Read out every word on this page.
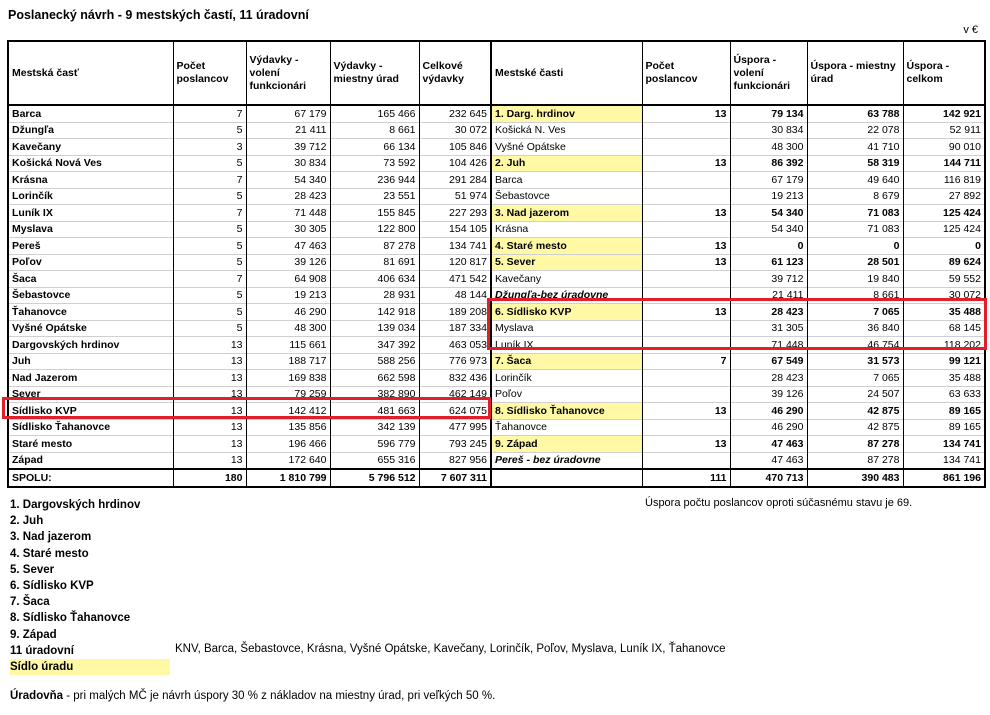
Poslanecký návrh - 9 mestských častí, 11 úradovní
v €
Mestská časť	Počet poslancov	Výdavky - volení funkcionári	Výdavky - miestny úrad	Celkové výdavky
Barca	7	67 179	165 466	232 645
Džungľa	5	21 411	8 661	30 072
Kavečany	3	39 712	66 134	105 846
Košická Nová Ves	5	30 834	73 592	104 426
Krásna	7	54 340	236 944	291 284
Lorinčík	5	28 423	23 551	51 974
Luník IX	7	71 448	155 845	227 293
Myslava	5	30 305	122 800	154 105
Pereš	5	47 463	87 278	134 741
Poľov	5	39 126	81 691	120 817
Šaca	7	64 908	406 634	471 542
Šebastovce	5	19 213	28 931	48 144
Ťahanovce	5	46 290	142 918	189 208
Vyšné Opátske	5	48 300	139 034	187 334
Dargovských hrdinov	13	115 661	347 392	463 053
Juh	13	188 717	588 256	776 973
Nad Jazerom	13	169 838	662 598	832 436
Sever	13	79 259	382 890	462 149
Sídlisko KVP	13	142 412	481 663	624 075
Sídlisko Ťahanovce	13	135 856	342 139	477 995
Staré mesto	13	196 466	596 779	793 245
Západ	13	172 640	655 316	827 956
SPOLU:	180	1 810 799	5 796 512	7 607 311
Mestské časti	Počet poslancov	Úspora - volení funkcionári	Úspora - miestny úrad	Úspora - celkom
1. Darg. hrdinov	13	79 134	63 788	142 921
Košická N. Ves		30 834	22 078	52 911
Vyšné Opátske		48 300	41 710	90 010
2. Juh	13	86 392	58 319	144 711
Barca		67 179	49 640	116 819
Šebastovce		19 213	8 679	27 892
3. Nad jazerom	13	54 340	71 083	125 424
Krásna		54 340	71 083	125 424
4. Staré mesto	13	0	0	0
5. Sever	13	61 123	28 501	89 624
Kavečany		39 712	19 840	59 552
Džungľa-bez úradovne		21 411	8 661	30 072
6. Sídlisko KVP	13	28 423	7 065	35 488
Myslava		31 305	36 840	68 145
Luník IX		71 448	46 754	118 202
7. Šaca	7	67 549	31 573	99 121
Lorinčík		28 423	7 065	35 488
Poľov		39 126	24 507	63 633
8. Sídlisko Ťahanovce	13	46 290	42 875	89 165
Ťahanovce		46 290	42 875	89 165
9. Západ	13	47 463	87 278	134 741
Pereš - bez úradovne		47 463	87 278	134 741
	111	470 713	390 483	861 196
1. Dargovských hrdinov
2. Juh
3. Nad jazerom
4. Staré mesto
5. Sever
6. Sídlisko KVP
7. Šaca
8. Sídlisko Ťahanovce
9. Západ
11 úradovní
Sídlo úradu
KNV, Barca, Šebastovce, Krásna, Vyšné Opátske, Kavečany, Lorinčík, Poľov, Myslava, Luník IX, Ťahanovce
Úspora počtu poslancov oproti súčasnému stavu je 69.
Úradovňa - pri malých MČ je návrh úspory 30 % z nákladov na miestny úrad, pri veľkých 50 %.
